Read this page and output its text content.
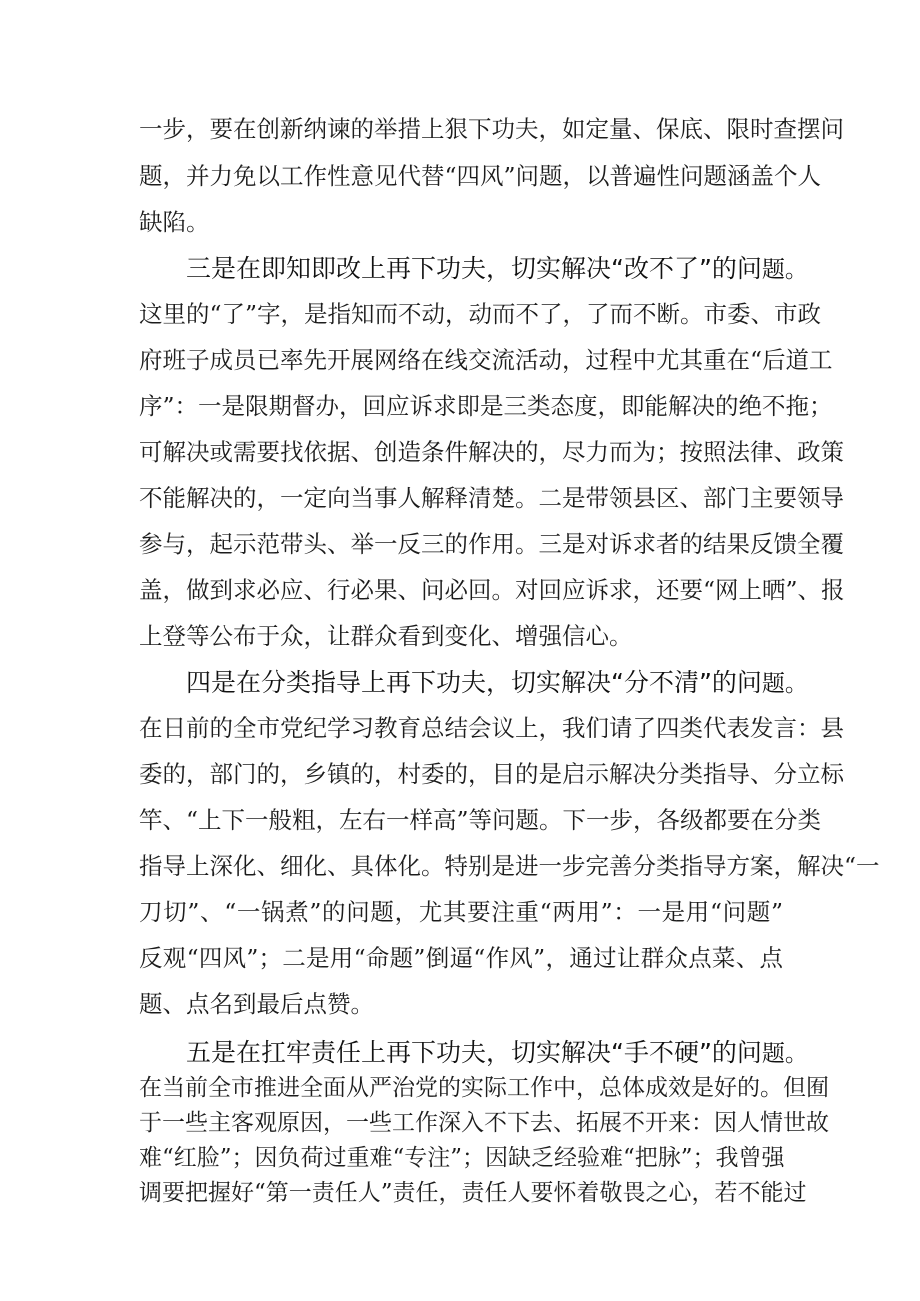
一步，要在创新纳谏的举措上狠下功夫，如定量、保底、限时查摆问
题，并力免以工作性意见代替“四风”问题，以普遍性问题涵盖个人
缺陷。
三是在即知即改上再下功夫，切实解决“改不了”的问题。
这里的“了”字，是指知而不动，动而不了，了而不断。市委、市政
府班子成员已率先开展网络在线交流活动，过程中尤其重在“后道工
序”：一是限期督办，回应诉求即是三类态度，即能解决的绝不拖；
可解决或需要找依据、创造条件解决的，尽力而为；按照法律、政策
不能解决的，一定向当事人解释清楚。二是带领县区、部门主要领导
参与，起示范带头、举一反三的作用。三是对诉求者的结果反馈全覆
盖，做到求必应、行必果、问必回。对回应诉求，还要“网上晒”、报
上登等公布于众，让群众看到变化、增强信心。
四是在分类指导上再下功夫，切实解决“分不清”的问题。
在日前的全市党纪学习教育总结会议上，我们请了四类代表发言：县
委的，部门的，乡镇的，村委的，目的是启示解决分类指导、分立标
竿、“上下一般粗，左右一样高”等问题。下一步，各级都要在分类
指导上深化、细化、具体化。特别是进一步完善分类指导方案，解决“一
刀切”、“一锅煮”的问题，尤其要注重“两用”：一是用“问题”
反观“四风”；二是用“命题”倒逼“作风”，通过让群众点菜、点
题、点名到最后点赞。
五是在扛牢责任上再下功夫，切实解决“手不硬”的问题。
在当前全市推进全面从严治党的实际工作中，总体成效是好的。但囿
于一些主客观原因，一些工作深入不下去、拓展不开来：因人情世故
难“红脸”；因负荷过重难“专注”；因缺乏经验难“把脉”；我曾强
调要把握好“第一责任人”责任，责任人要怀着敬畏之心，若不能过
